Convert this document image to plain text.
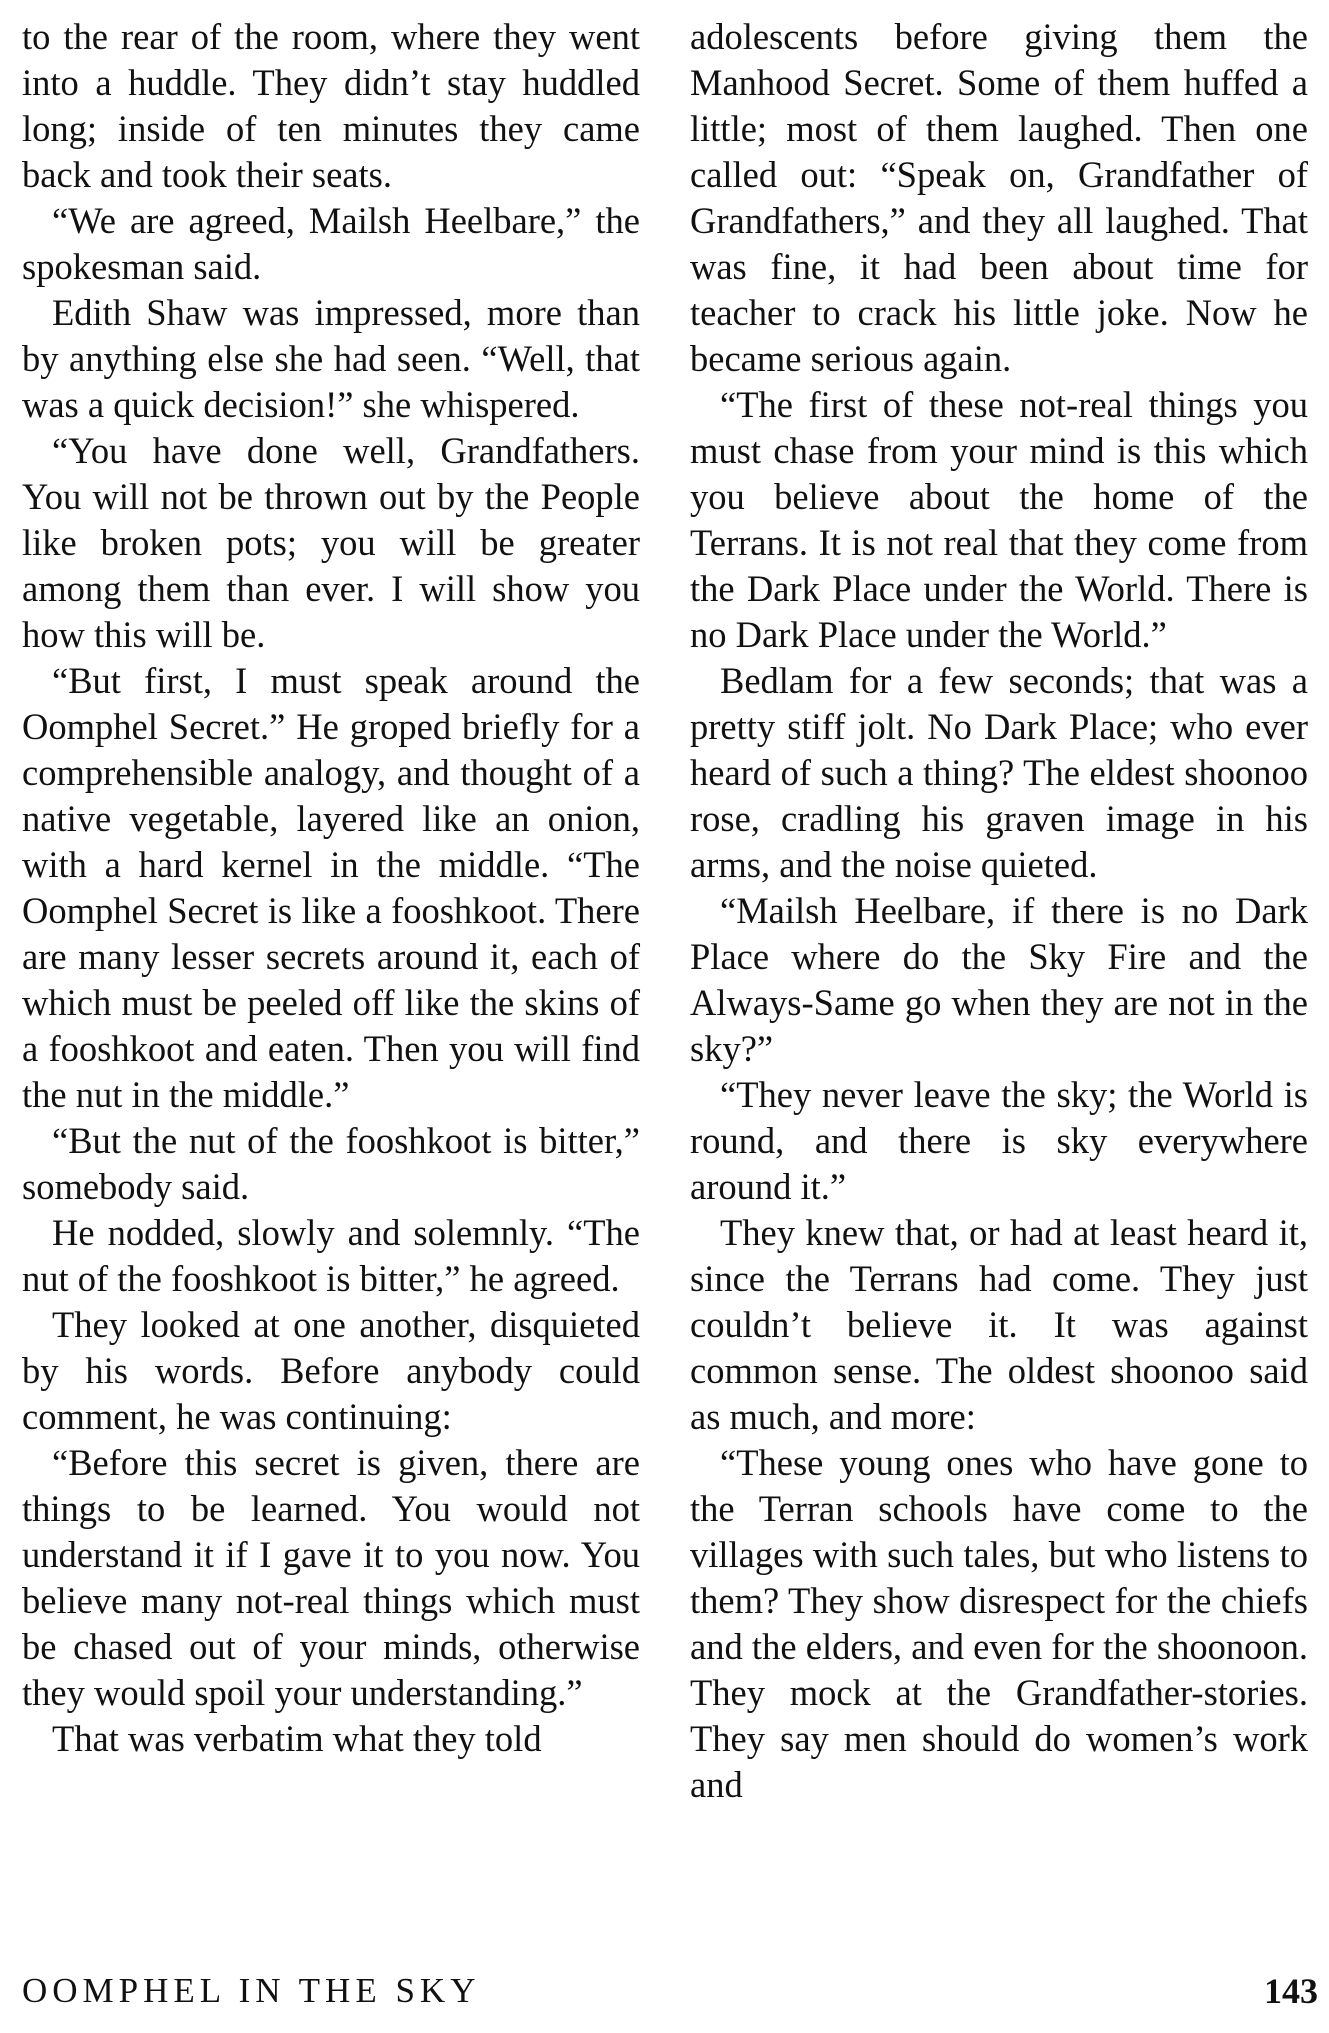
to the rear of the room, where they went into a huddle. They didn’t stay huddled long; inside of ten minutes they came back and took their seats.

“We are agreed, Mailsh Heelbare,” the spokesman said.

Edith Shaw was impressed, more than by anything else she had seen. “Well, that was a quick decision!” she whispered.

“You have done well, Grandfathers. You will not be thrown out by the People like broken pots; you will be greater among them than ever. I will show you how this will be.

“But first, I must speak around the Oomphel Secret.” He groped briefly for a comprehensible analogy, and thought of a native vegetable, layered like an onion, with a hard kernel in the middle. “The Oomphel Secret is like a fooshkoot. There are many lesser secrets around it, each of which must be peeled off like the skins of a fooshkoot and eaten. Then you will find the nut in the middle.”

“But the nut of the fooshkoot is bitter,” somebody said.

He nodded, slowly and solemnly. “The nut of the fooshkoot is bitter,” he agreed.

They looked at one another, disquieted by his words. Before anybody could comment, he was continuing:

“Before this secret is given, there are things to be learned. You would not understand it if I gave it to you now. You believe many not-real things which must be chased out of your minds, otherwise they would spoil your understanding.”

That was verbatim what they told

adolescents before giving them the Manhood Secret. Some of them huffed a little; most of them laughed. Then one called out: “Speak on, Grandfather of Grandfathers,” and they all laughed. That was fine, it had been about time for teacher to crack his little joke. Now he became serious again.

“The first of these not-real things you must chase from your mind is this which you believe about the home of the Terrans. It is not real that they come from the Dark Place under the World. There is no Dark Place under the World.”

Bedlam for a few seconds; that was a pretty stiff jolt. No Dark Place; who ever heard of such a thing? The eldest shoonoo rose, cradling his graven image in his arms, and the noise quieted.

“Mailsh Heelbare, if there is no Dark Place where do the Sky Fire and the Always-Same go when they are not in the sky?”

“They never leave the sky; the World is round, and there is sky everywhere around it.”

They knew that, or had at least heard it, since the Terrans had come. They just couldn’t believe it. It was against common sense. The oldest shoonoo said as much, and more:

“These young ones who have gone to the Terran schools have come to the villages with such tales, but who listens to them? They show disrespect for the chiefs and the elders, and even for the shoonoon. They mock at the Grandfather-stories. They say men should do women’s work and

OOMPHEL IN THE SKY	143
